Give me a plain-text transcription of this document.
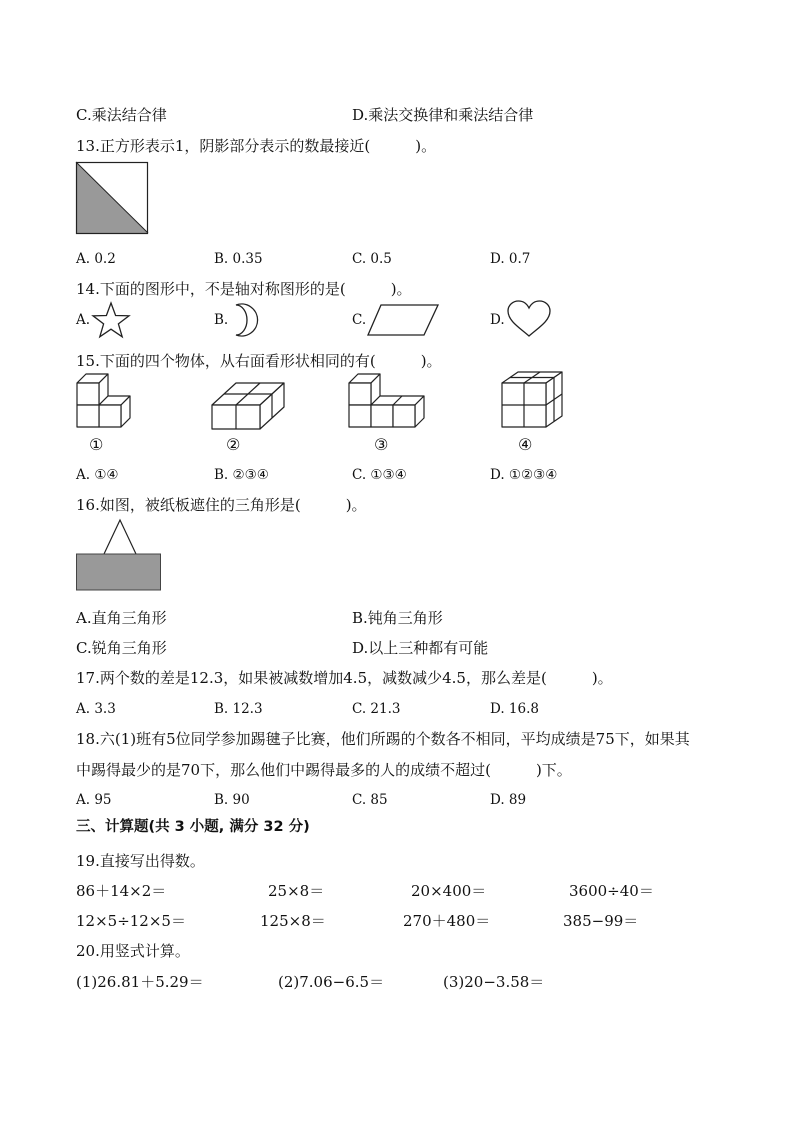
C.乘法结合律	D.乘法交换律和乘法结合律
13.正方形表示1，阴影部分表示的数最接近(　　　)。
A. 0.2	B. 0.35	C. 0.5	D. 0.7
14.下面的图形中，不是轴对称图形的是(　　　)。
A.	B.	C.	D.
15.下面的四个物体，从右面看形状相同的有(　　　)。
①	②	③	④
A. ①④	B. ②③④	C. ①③④	D. ①②③④
16.如图，被纸板遮住的三角形是(　　　)。
A.直角三角形	B.钝角三角形
C.锐角三角形	D.以上三种都有可能
17.两个数的差是12.3，如果被减数增加4.5，减数减少4.5，那么差是(　　　)。
A. 3.3	B. 12.3	C. 21.3	D. 16.8
18.六(1)班有5位同学参加踢毽子比赛，他们所踢的个数各不相同，平均成绩是75下，如果其
中踢得最少的是70下，那么他们中踢得最多的人的成绩不超过(　　　)下。
A. 95	B. 90	C. 85	D. 89
三、计算题(共 3 小题, 满分 32 分)
19.直接写出得数。
86＋14×2＝	25×8＝	20×400＝	3600÷40＝
12×5÷12×5＝	125×8＝	270＋480＝	385−99＝
20.用竖式计算。
(1)26.81＋5.29＝	(2)7.06−6.5＝	(3)20−3.58＝
